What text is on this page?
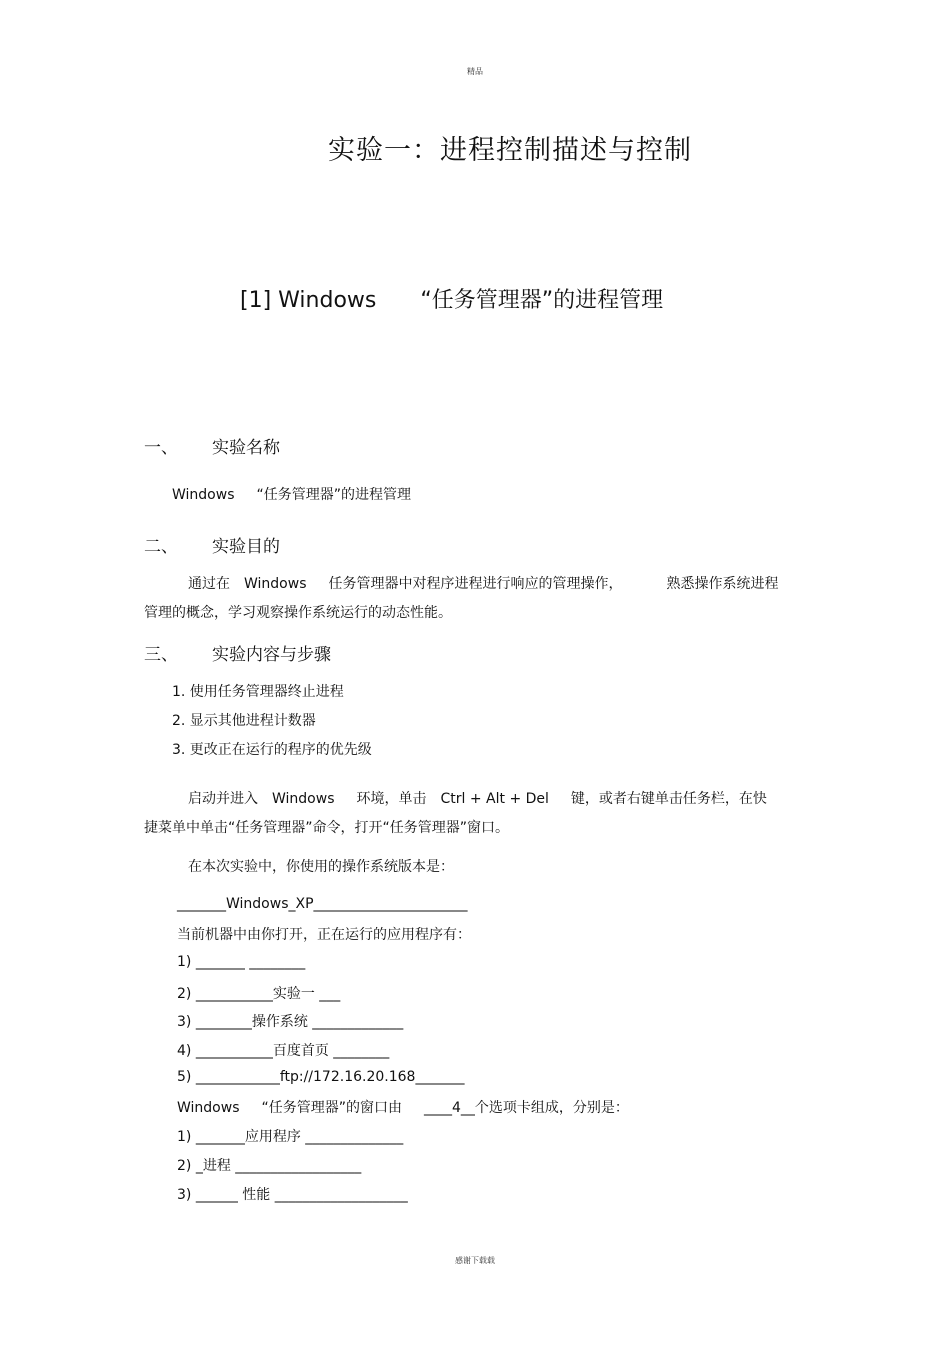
精品
实验一：进程控制描述与控制
[1] Windows “任务管理器”的进程管理
一、 实验名称
Windows “任务管理器”的进程管理
二、 实验目的
通过在 Windows 任务管理器中对程序进程进行响应的管理操作，	熟悉操作系统进程
管理的概念，学习观察操作系统运行的动态性能。
三、 实验内容与步骤
1. 使用任务管理器终止进程
2. 显示其他进程计数器
3. 更改正在运行的程序的优先级
启动并进入 Windows 环境，单击 Ctrl + Alt + Del 键，或者右键单击任务栏，在快
捷菜单中单击“任务管理器”命令，打开“任务管理器”窗口。
在本次实验中，你使用的操作系统版本是：
_______Windows_XP______________________
当前机器中由你打开，正在运行的应用程序有：
1) _______ ________
2) ___________实验一 ___
3) ________操作系统 _____________
4) ___________百度首页 ________
5) ____________ftp://172.16.20.168_______
Windows “任务管理器”的窗口由 ____4__个选项卡组成，分别是：
1) _______应用程序 ______________
2) _进程 __________________
3) ______ 性能 ___________________
感谢下载载
